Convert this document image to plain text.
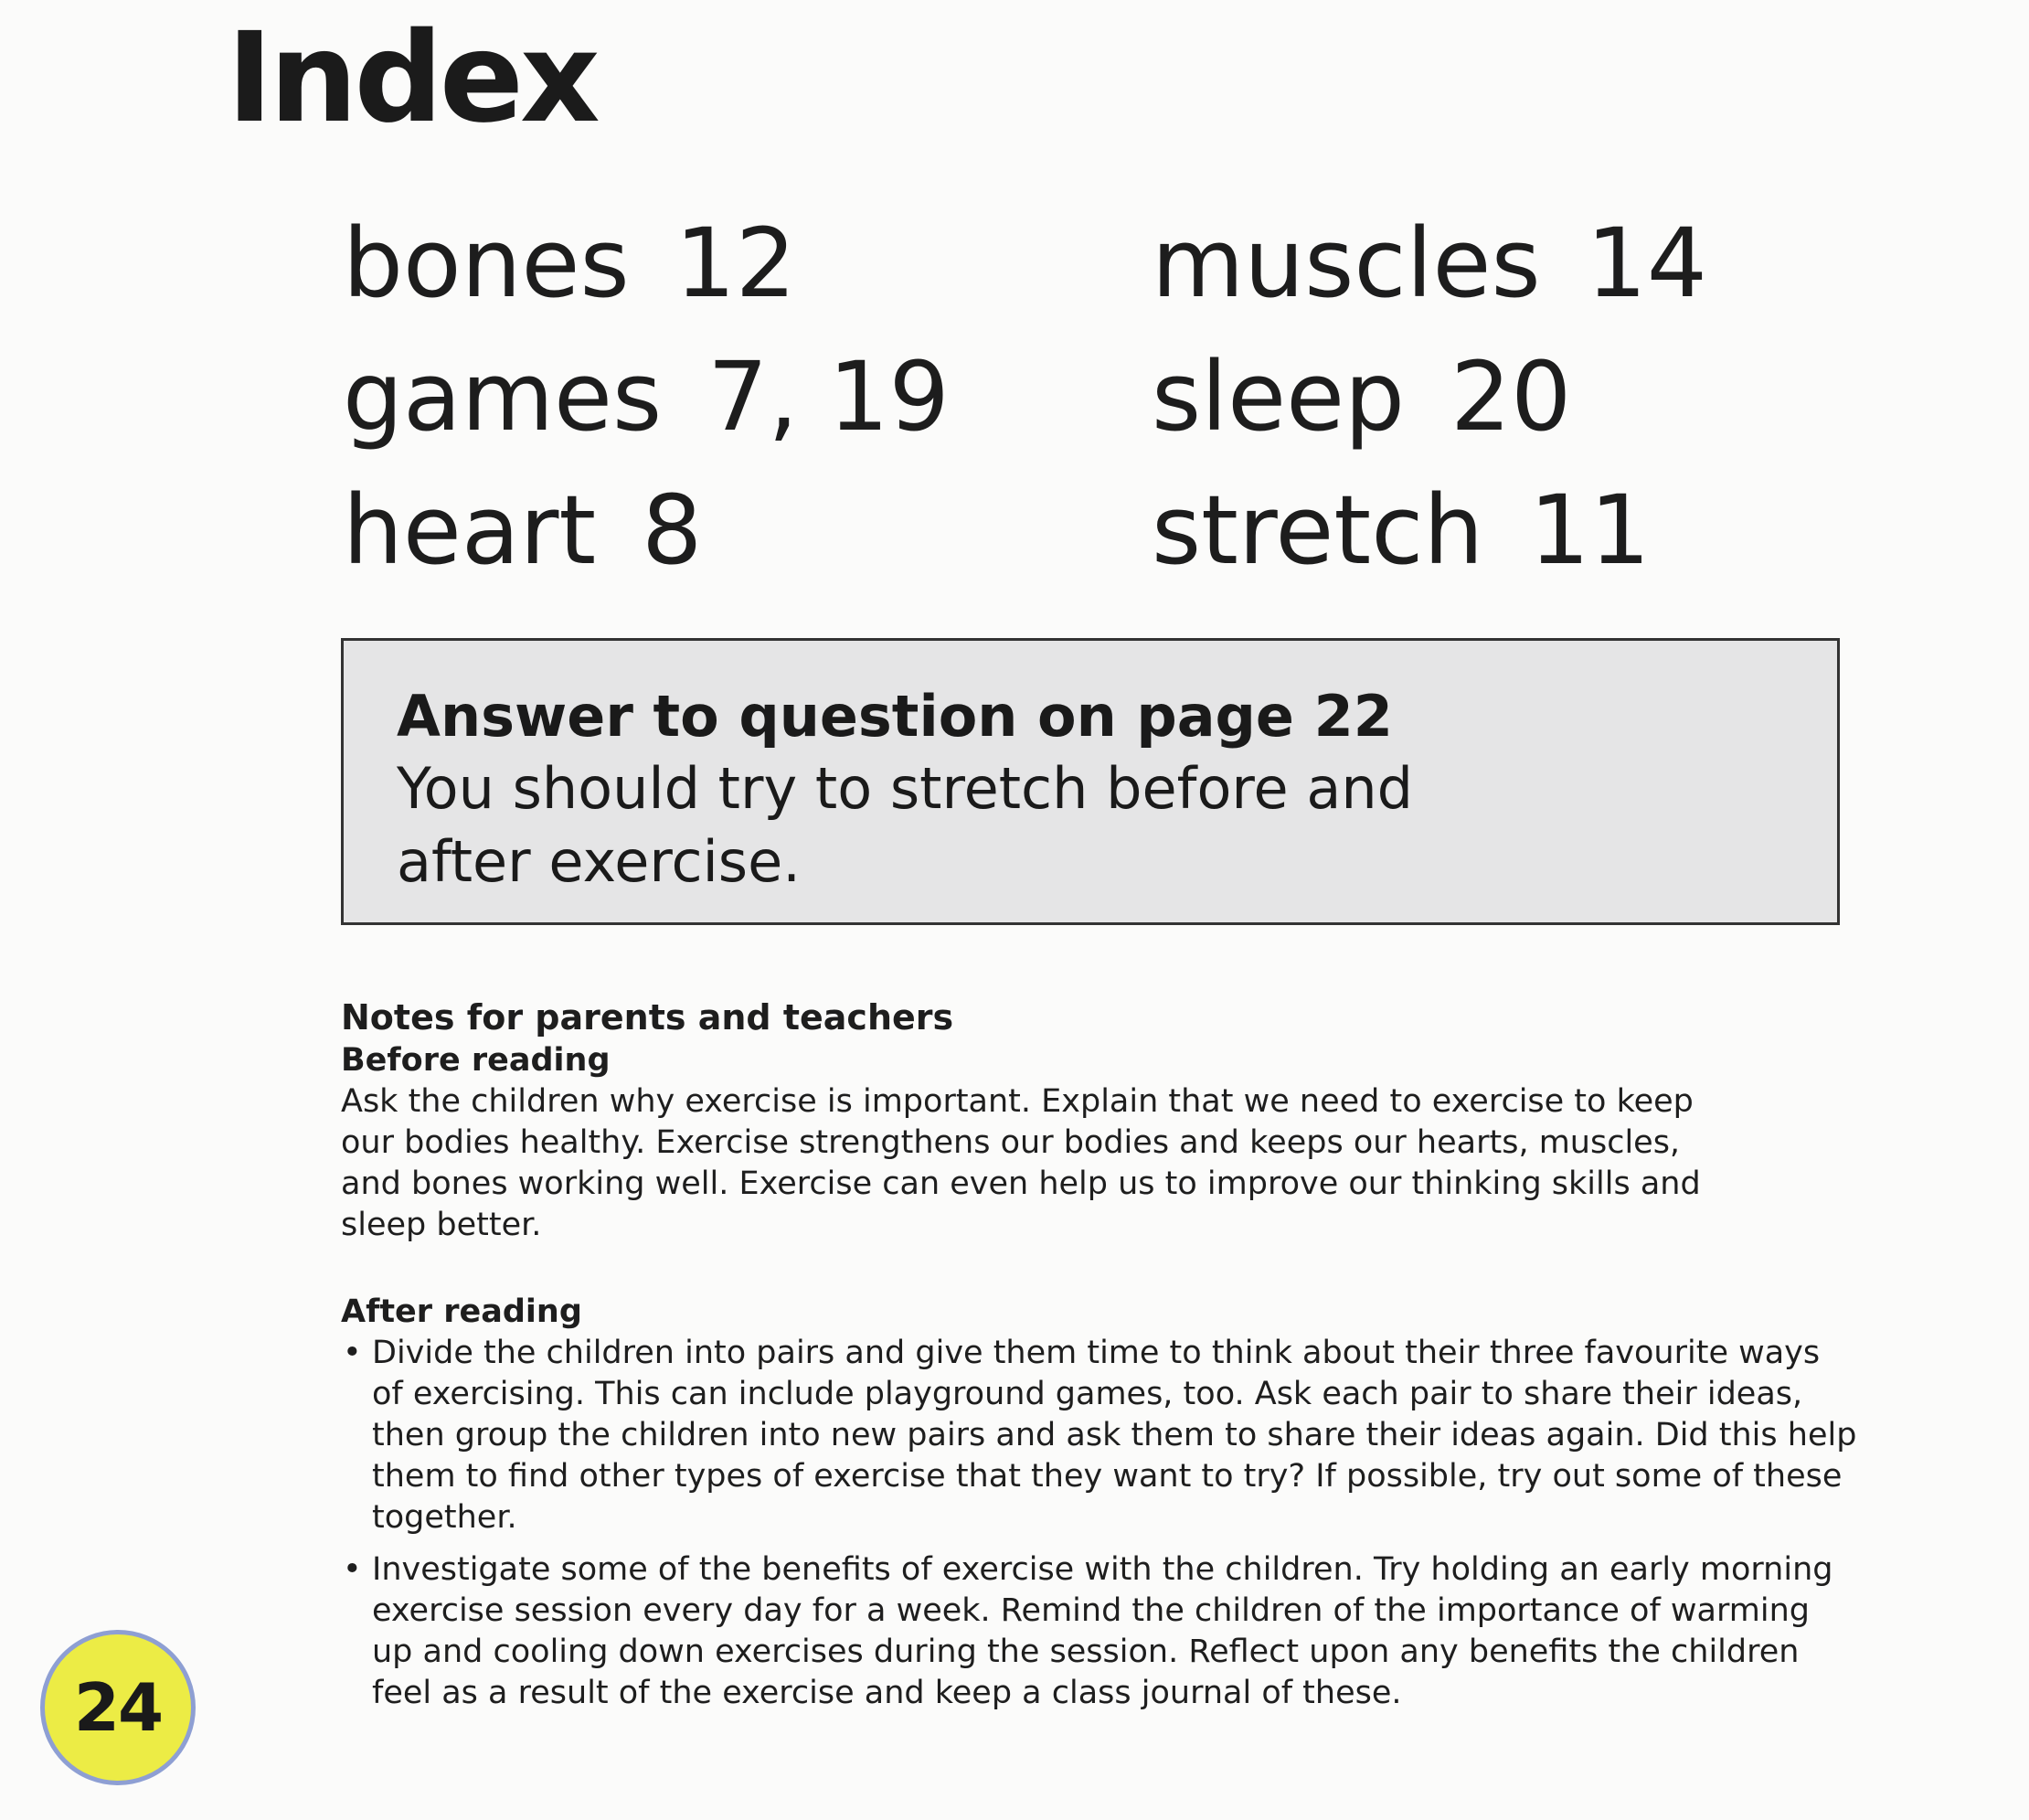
Index
bones 12
games 7, 19
heart 8
muscles 14
sleep 20
stretch 11
Answer to question on page 22
You should try to stretch before and after exercise.
Notes for parents and teachers
Before reading
Ask the children why exercise is important. Explain that we need to exercise to keep our bodies healthy. Exercise strengthens our bodies and keeps our hearts, muscles, and bones working well. Exercise can even help us to improve our thinking skills and sleep better.
After reading
• Divide the children into pairs and give them time to think about their three favourite ways of exercising. This can include playground games, too. Ask each pair to share their ideas, then group the children into new pairs and ask them to share their ideas again. Did this help them to find other types of exercise that they want to try? If possible, try out some of these together.
• Investigate some of the benefits of exercise with the children. Try holding an early morning exercise session every day for a week. Remind the children of the importance of warming up and cooling down exercises during the session. Reflect upon any benefits the children feel as a result of the exercise and keep a class journal of these.
24
